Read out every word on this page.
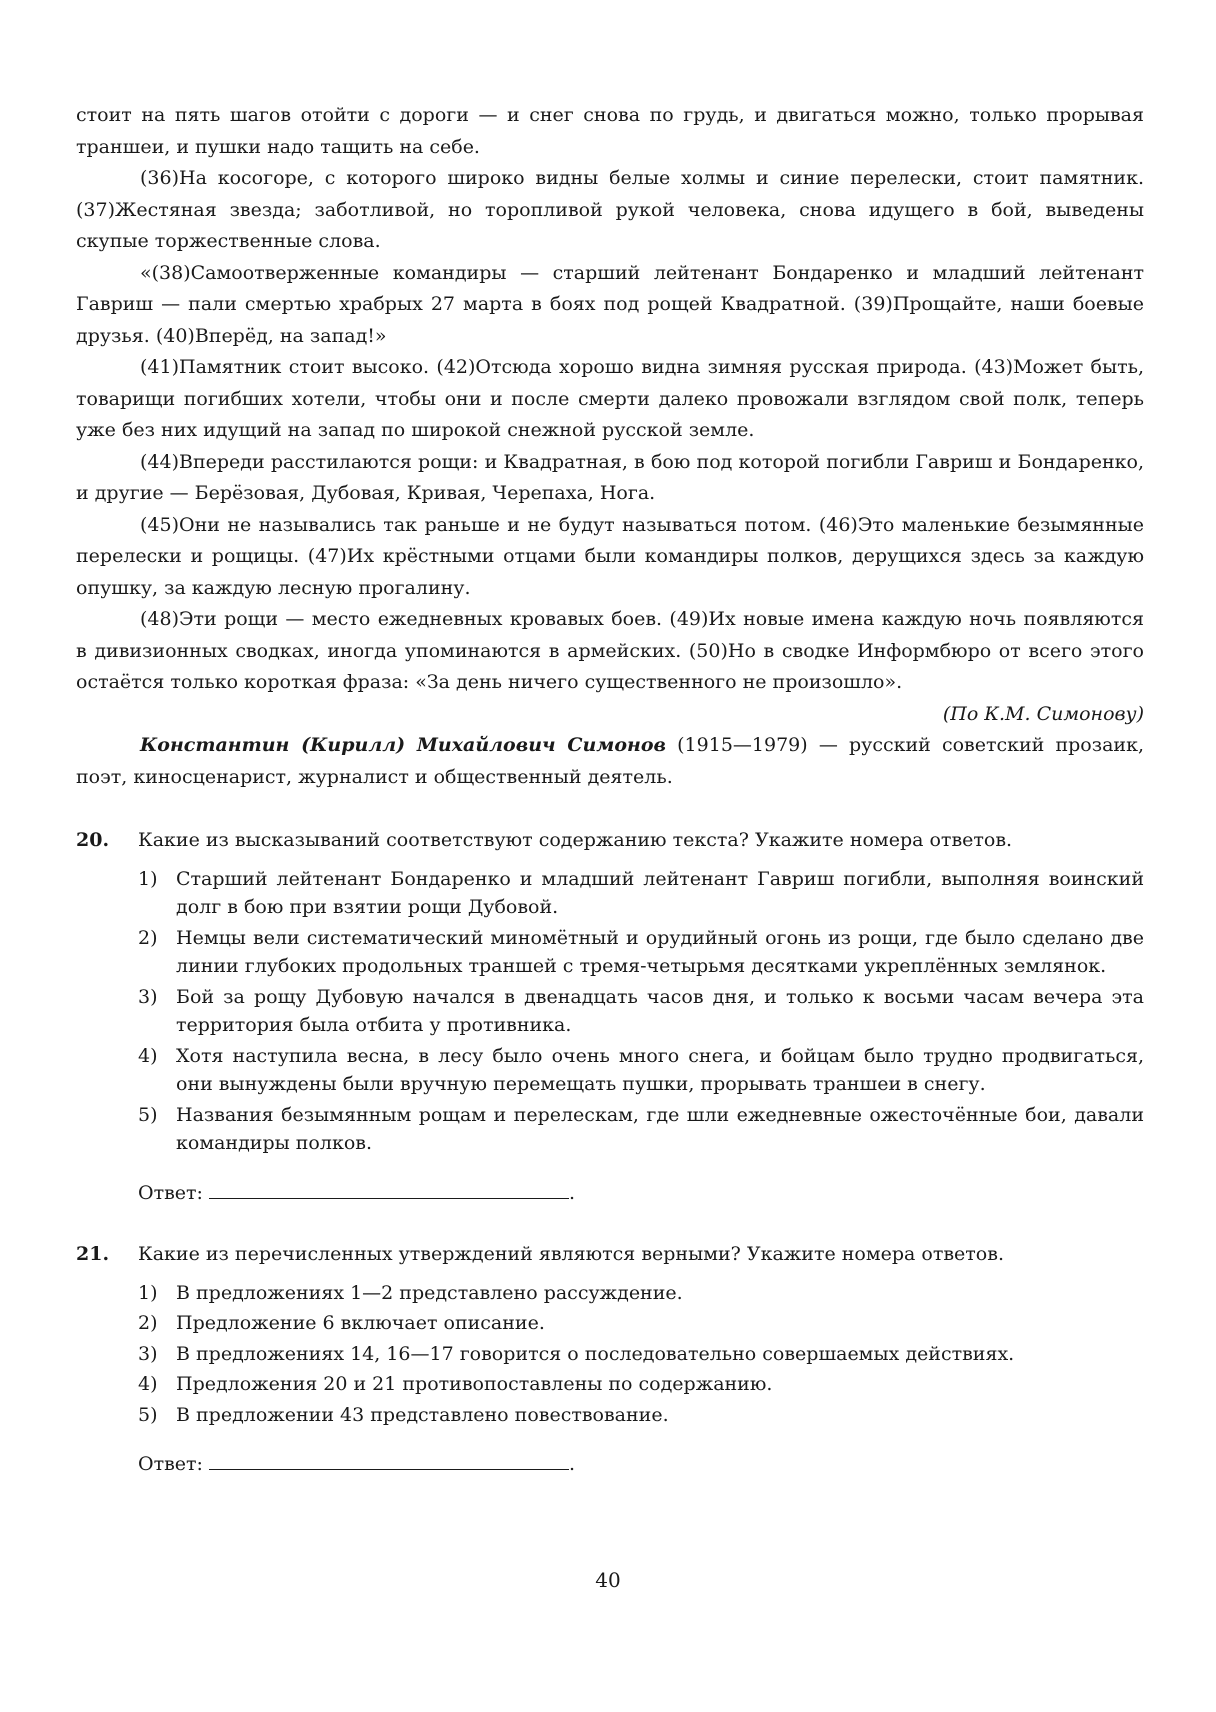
стоит на пять шагов отойти с дороги — и снег снова по грудь, и двигаться можно, только прорывая траншеи, и пушки надо тащить на себе.

(36)На косогоре, с которого широко видны белые холмы и синие перелески, стоит памятник. (37)Жестяная звезда; заботливой, но торопливой рукой человека, снова идущего в бой, выведены скупые торжественные слова.

«(38)Самоотверженные командиры — старший лейтенант Бондаренко и младший лейтенант Гавриш — пали смертью храбрых 27 марта в боях под рощей Квадратной. (39)Прощайте, наши боевые друзья. (40)Вперёд, на запад!»

(41)Памятник стоит высоко. (42)Отсюда хорошо видна зимняя русская природа. (43)Может быть, товарищи погибших хотели, чтобы они и после смерти далеко провожали взглядом свой полк, теперь уже без них идущий на запад по широкой снежной русской земле.

(44)Впереди расстилаются рощи: и Квадратная, в бою под которой погибли Гавриш и Бондаренко, и другие — Берёзовая, Дубовая, Кривая, Черепаха, Нога.

(45)Они не назывались так раньше и не будут называться потом. (46)Это маленькие безымянные перелески и рощицы. (47)Их крёстными отцами были командиры полков, дерущихся здесь за каждую опушку, за каждую лесную прогалину.

(48)Эти рощи — место ежедневных кровавых боев. (49)Их новые имена каждую ночь появляются в дивизионных сводках, иногда упоминаются в армейских. (50)Но в сводке Информбюро от всего этого остаётся только короткая фраза: «За день ничего существенного не произошло».

(По К.М. Симонову)

Константин (Кирилл) Михайлович Симонов (1915—1979) — русский советский прозаик, поэт, киносценарист, журналист и общественный деятель.

20. Какие из высказываний соответствуют содержанию текста? Укажите номера ответов.
1) Старший лейтенант Бондаренко и младший лейтенант Гавриш погибли, выполняя воинский долг в бою при взятии рощи Дубовой.
2) Немцы вели систематический миномётный и орудийный огонь из рощи, где было сделано две линии глубоких продольных траншей с тремя-четырьмя десятками укреплённых землянок.
3) Бой за рощу Дубовую начался в двенадцать часов дня, и только к восьми часам вечера эта территория была отбита у противника.
4) Хотя наступила весна, в лесу было очень много снега, и бойцам было трудно продвигаться, они вынуждены были вручную перемещать пушки, прорывать траншеи в снегу.
5) Названия безымянным рощам и перелескам, где шли ежедневные ожесточённые бои, давали командиры полков.
Ответ:	.
21. Какие из перечисленных утверждений являются верными? Укажите номера ответов.
1) В предложениях 1—2 представлено рассуждение.
2) Предложение 6 включает описание.
3) В предложениях 14, 16—17 говорится о последовательно совершаемых действиях.
4) Предложения 20 и 21 противопоставлены по содержанию.
5) В предложении 43 представлено повествование.
Ответ:	.
40
